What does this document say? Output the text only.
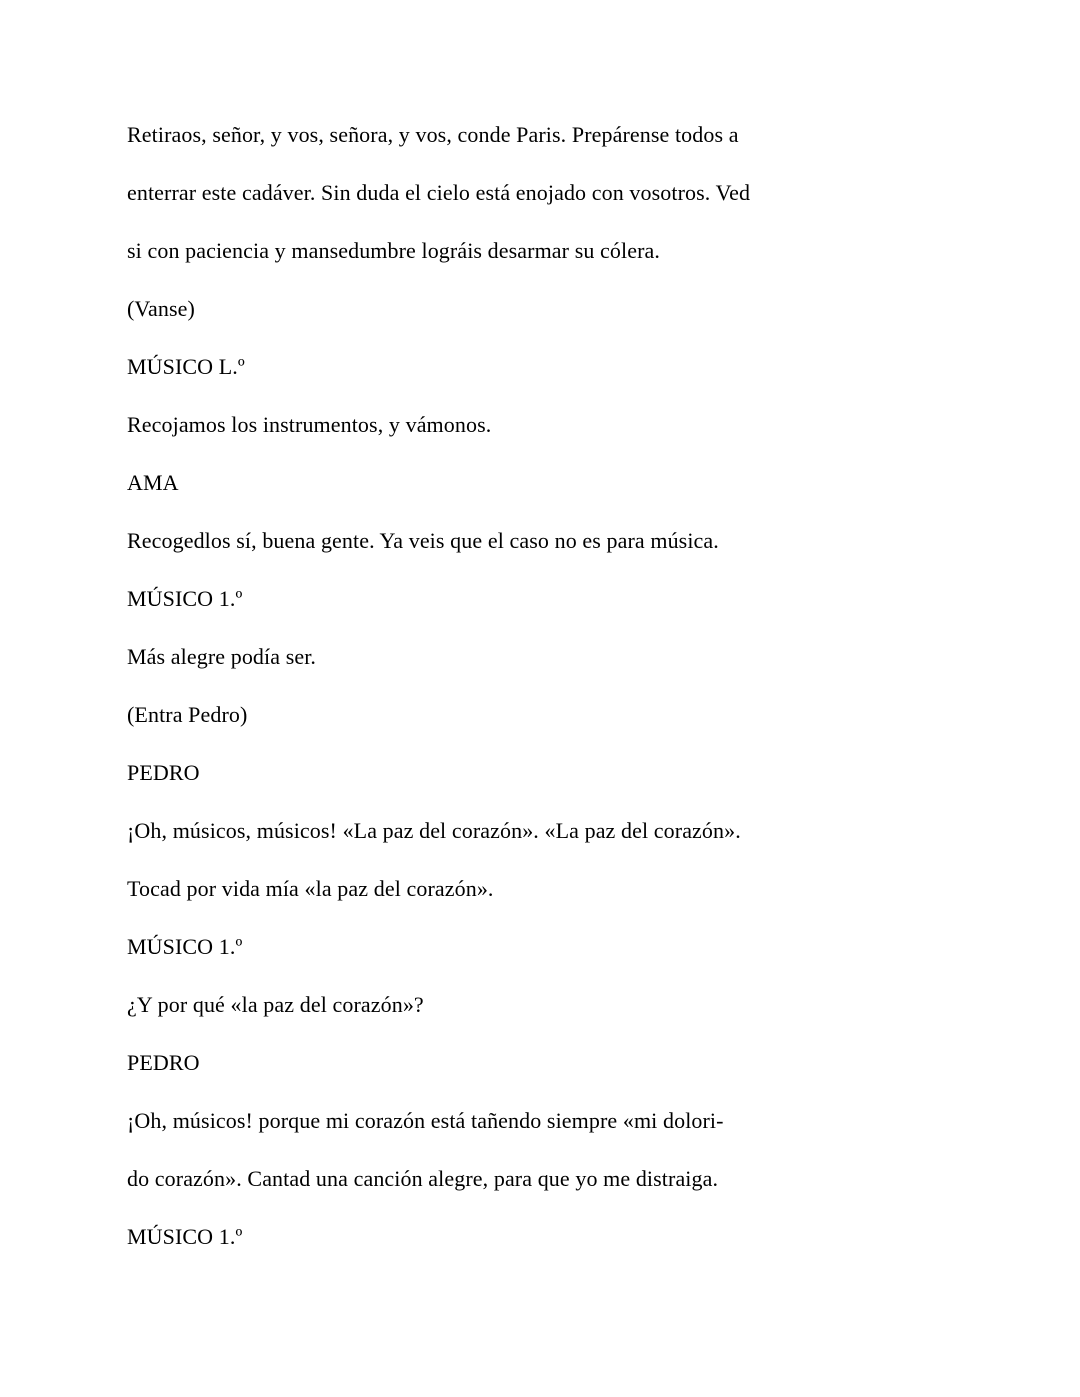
Retiraos, señor, y vos, señora, y vos, conde Paris. Prepárense todos a

enterrar este cadáver. Sin duda el cielo está enojado con vosotros. Ved

si con paciencia y mansedumbre lográis desarmar su cólera.

(Vanse)

MÚSICO L.º

Recojamos los instrumentos, y vámonos.

AMA

Recogedlos sí, buena gente. Ya veis que el caso no es para música.

MÚSICO 1.º

Más alegre podía ser.

(Entra Pedro)

PEDRO

¡Oh, músicos, músicos! «La paz del corazón». «La paz del corazón».

Tocad por vida mía «la paz del corazón».

MÚSICO 1.º

¿Y por qué «la paz del corazón»?

PEDRO

¡Oh, músicos! porque mi corazón está tañendo siempre «mi dolori-

do corazón». Cantad una canción alegre, para que yo me distraiga.

MÚSICO 1.º
